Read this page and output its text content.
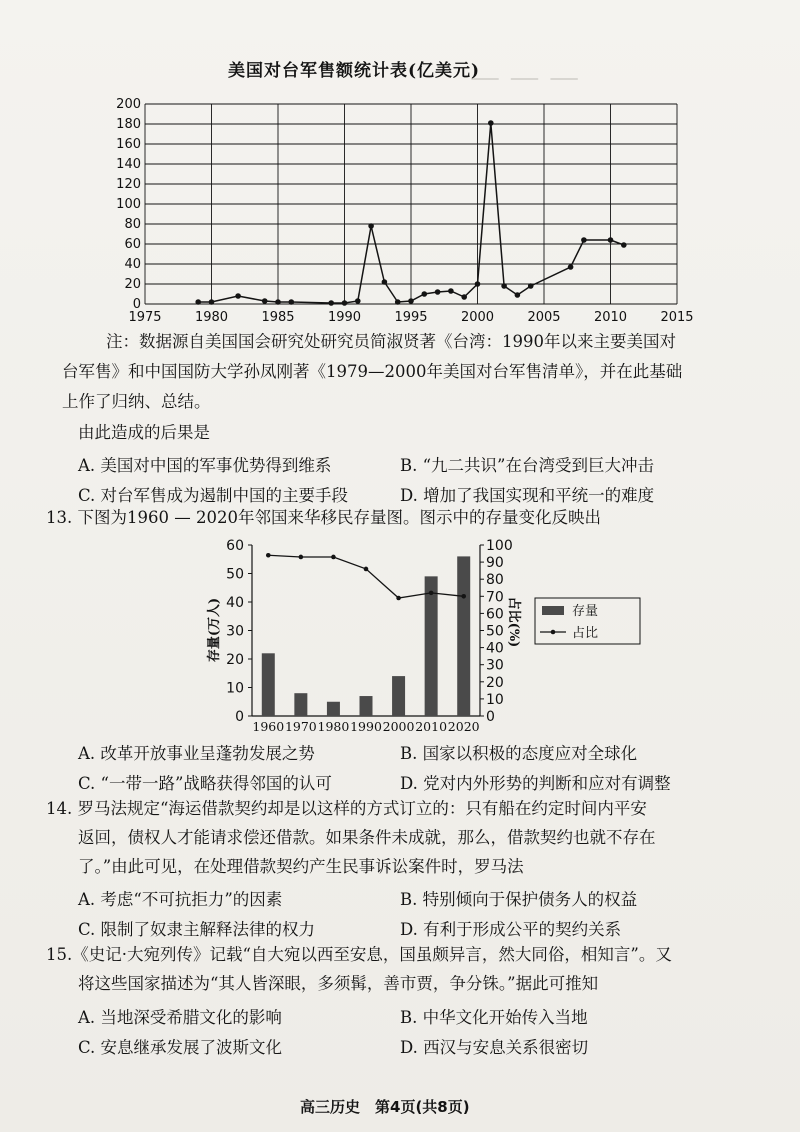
— — —
美国对台军售额统计表(亿美元)
0
20
40
60
80
100
120
140
160
180
200
1975	1980	1985	1990	1995	2000	2005	2010	2015
注：数据源自美国国会研究处研究员简淑贤著《台湾：1990年以来主要美国对
台军售》和中国国防大学孙凤刚著《1979—2000年美国对台军售清单》，并在此基础
上作了归纳、总结。
由此造成的后果是
A. 美国对中国的军事优势得到维系	B. “九二共识”在台湾受到巨大冲击
C. 对台军售成为遏制中国的主要手段	D. 增加了我国实现和平统一的难度
13. 下图为1960 — 2020年邻国来华移民存量图。图示中的存量变化反映出
0
10
20
30
40
50
60
0
10
20
30
40
50
60
70
80
90
100
存量(万人)	占比(%)
1960 1970 1980 1990 2000 2010 2020
存量
占比
A. 改革开放事业呈蓬勃发展之势	B. 国家以积极的态度应对全球化
C. “一带一路”战略获得邻国的认可	D. 党对内外形势的判断和应对有调整
14. 罗马法规定“海运借款契约却是以这样的方式订立的：只有船在约定时间内平安
返回，债权人才能请求偿还借款。如果条件未成就，那么，借款契约也就不存在
了。”由此可见，在处理借款契约产生民事诉讼案件时，罗马法
A. 考虑“不可抗拒力”的因素	B. 特别倾向于保护债务人的权益
C. 限制了奴隶主解释法律的权力	D. 有利于形成公平的契约关系
15.《史记·大宛列传》记载“自大宛以西至安息，国虽颇异言，然大同俗，相知言”。又
将这些国家描述为“其人皆深眼，多须髯，善市贾，争分铢。”据此可推知
A. 当地深受希腊文化的影响	B. 中华文化开始传入当地
C. 安息继承发展了波斯文化	D. 西汉与安息关系很密切
高三历史　第4页(共8页)
